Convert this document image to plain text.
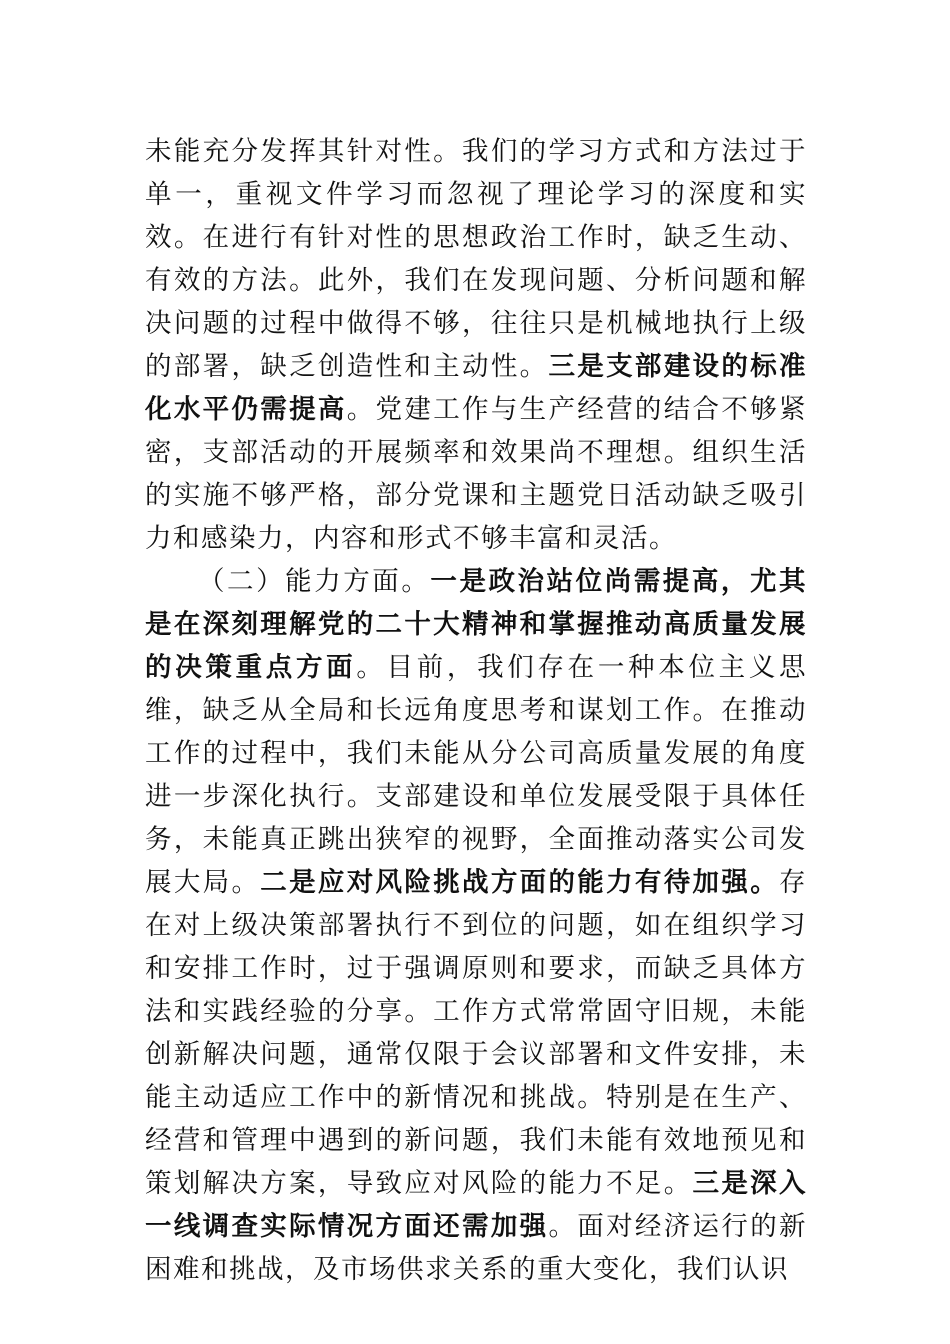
未能充分发挥其针对性。我们的学习方式和方法过于单一，重视文件学习而忽视了理论学习的深度和实效。在进行有针对性的思想政治工作时，缺乏生动、有效的方法。此外，我们在发现问题、分析问题和解决问题的过程中做得不够，往往只是机械地执行上级的部署，缺乏创造性和主动性。三是支部建设的标准化水平仍需提高。党建工作与生产经营的结合不够紧密，支部活动的开展频率和效果尚不理想。组织生活的实施不够严格，部分党课和主题党日活动缺乏吸引力和感染力，内容和形式不够丰富和灵活。

（二）能力方面。一是政治站位尚需提高，尤其是在深刻理解党的二十大精神和掌握推动高质量发展的决策重点方面。目前，我们存在一种本位主义思维，缺乏从全局和长远角度思考和谋划工作。在推动工作的过程中，我们未能从分公司高质量发展的角度进一步深化执行。支部建设和单位发展受限于具体任务，未能真正跳出狭窄的视野，全面推动落实公司发展大局。二是应对风险挑战方面的能力有待加强。存在对上级决策部署执行不到位的问题，如在组织学习和安排工作时，过于强调原则和要求，而缺乏具体方法和实践经验的分享。工作方式常常固守旧规，未能创新解决问题，通常仅限于会议部署和文件安排，未能主动适应工作中的新情况和挑战。特别是在生产、经营和管理中遇到的新问题，我们未能有效地预见和策划解决方案，导致应对风险的能力不足。三是深入一线调查实际情况方面还需加强。面对经济运行的新困难和挑战，及市场供求关系的重大变化，我们认识
